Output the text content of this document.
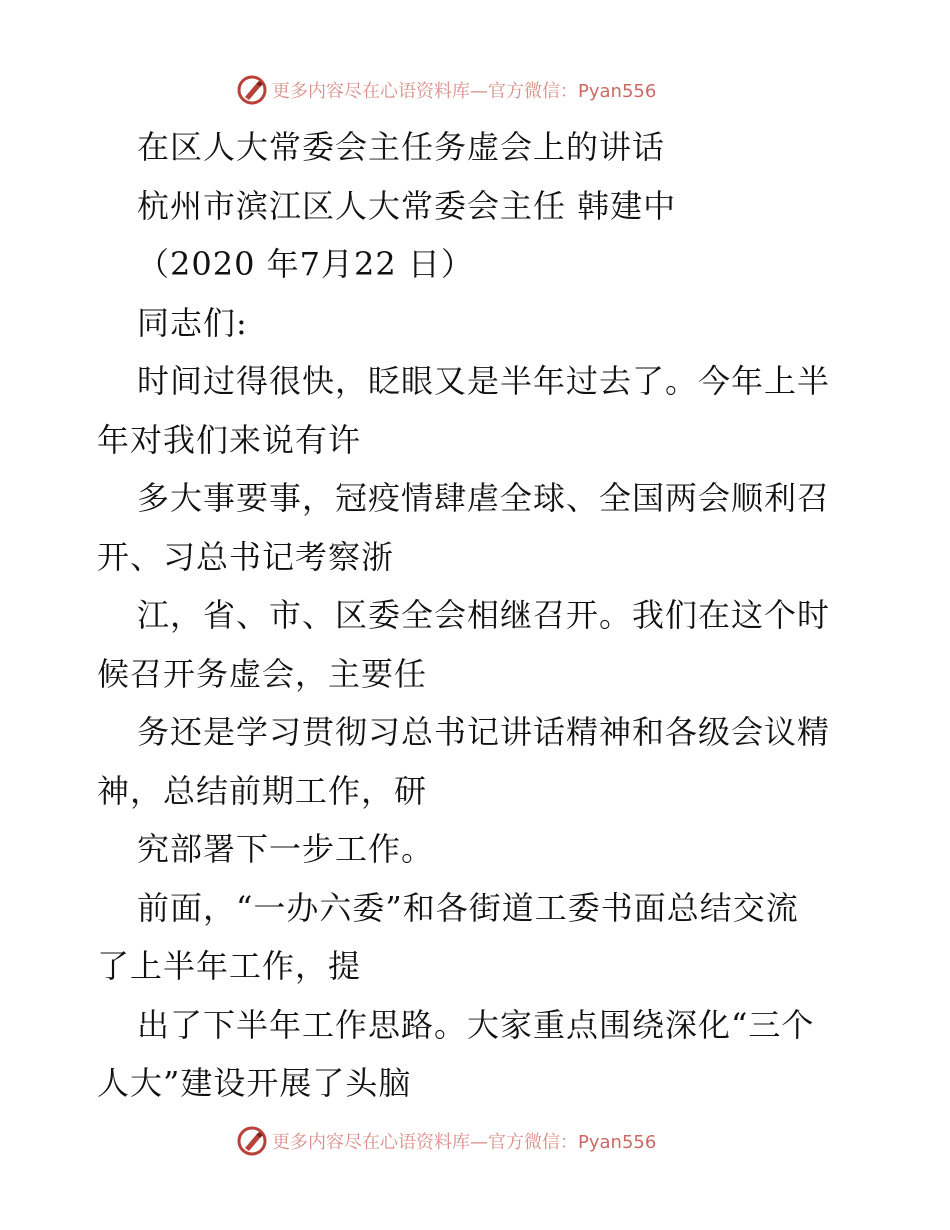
更多内容尽在心语资料库—官方微信：Pyan556
在区人大常委会主任务虚会上的讲话
杭州市滨江区人大常委会主任 韩建中
（2020 年7月22 日）
同志们:
时间过得很快，眨眼又是半年过去了。今年上半
年对我们来说有许
多大事要事，冠疫情肆虐全球、全国两会顺利召
开、习总书记考察浙
江，省、市、区委全会相继召开。我们在这个时
候召开务虚会，主要任
务还是学习贯彻习总书记讲话精神和各级会议精
神，总结前期工作，研
究部署下一步工作。
前面，“一办六委”和各街道工委书面总结交流
了上半年工作，提
出了下半年工作思路。大家重点围绕深化“三个
人大”建设开展了头脑
更多内容尽在心语资料库—官方微信：Pyan556
